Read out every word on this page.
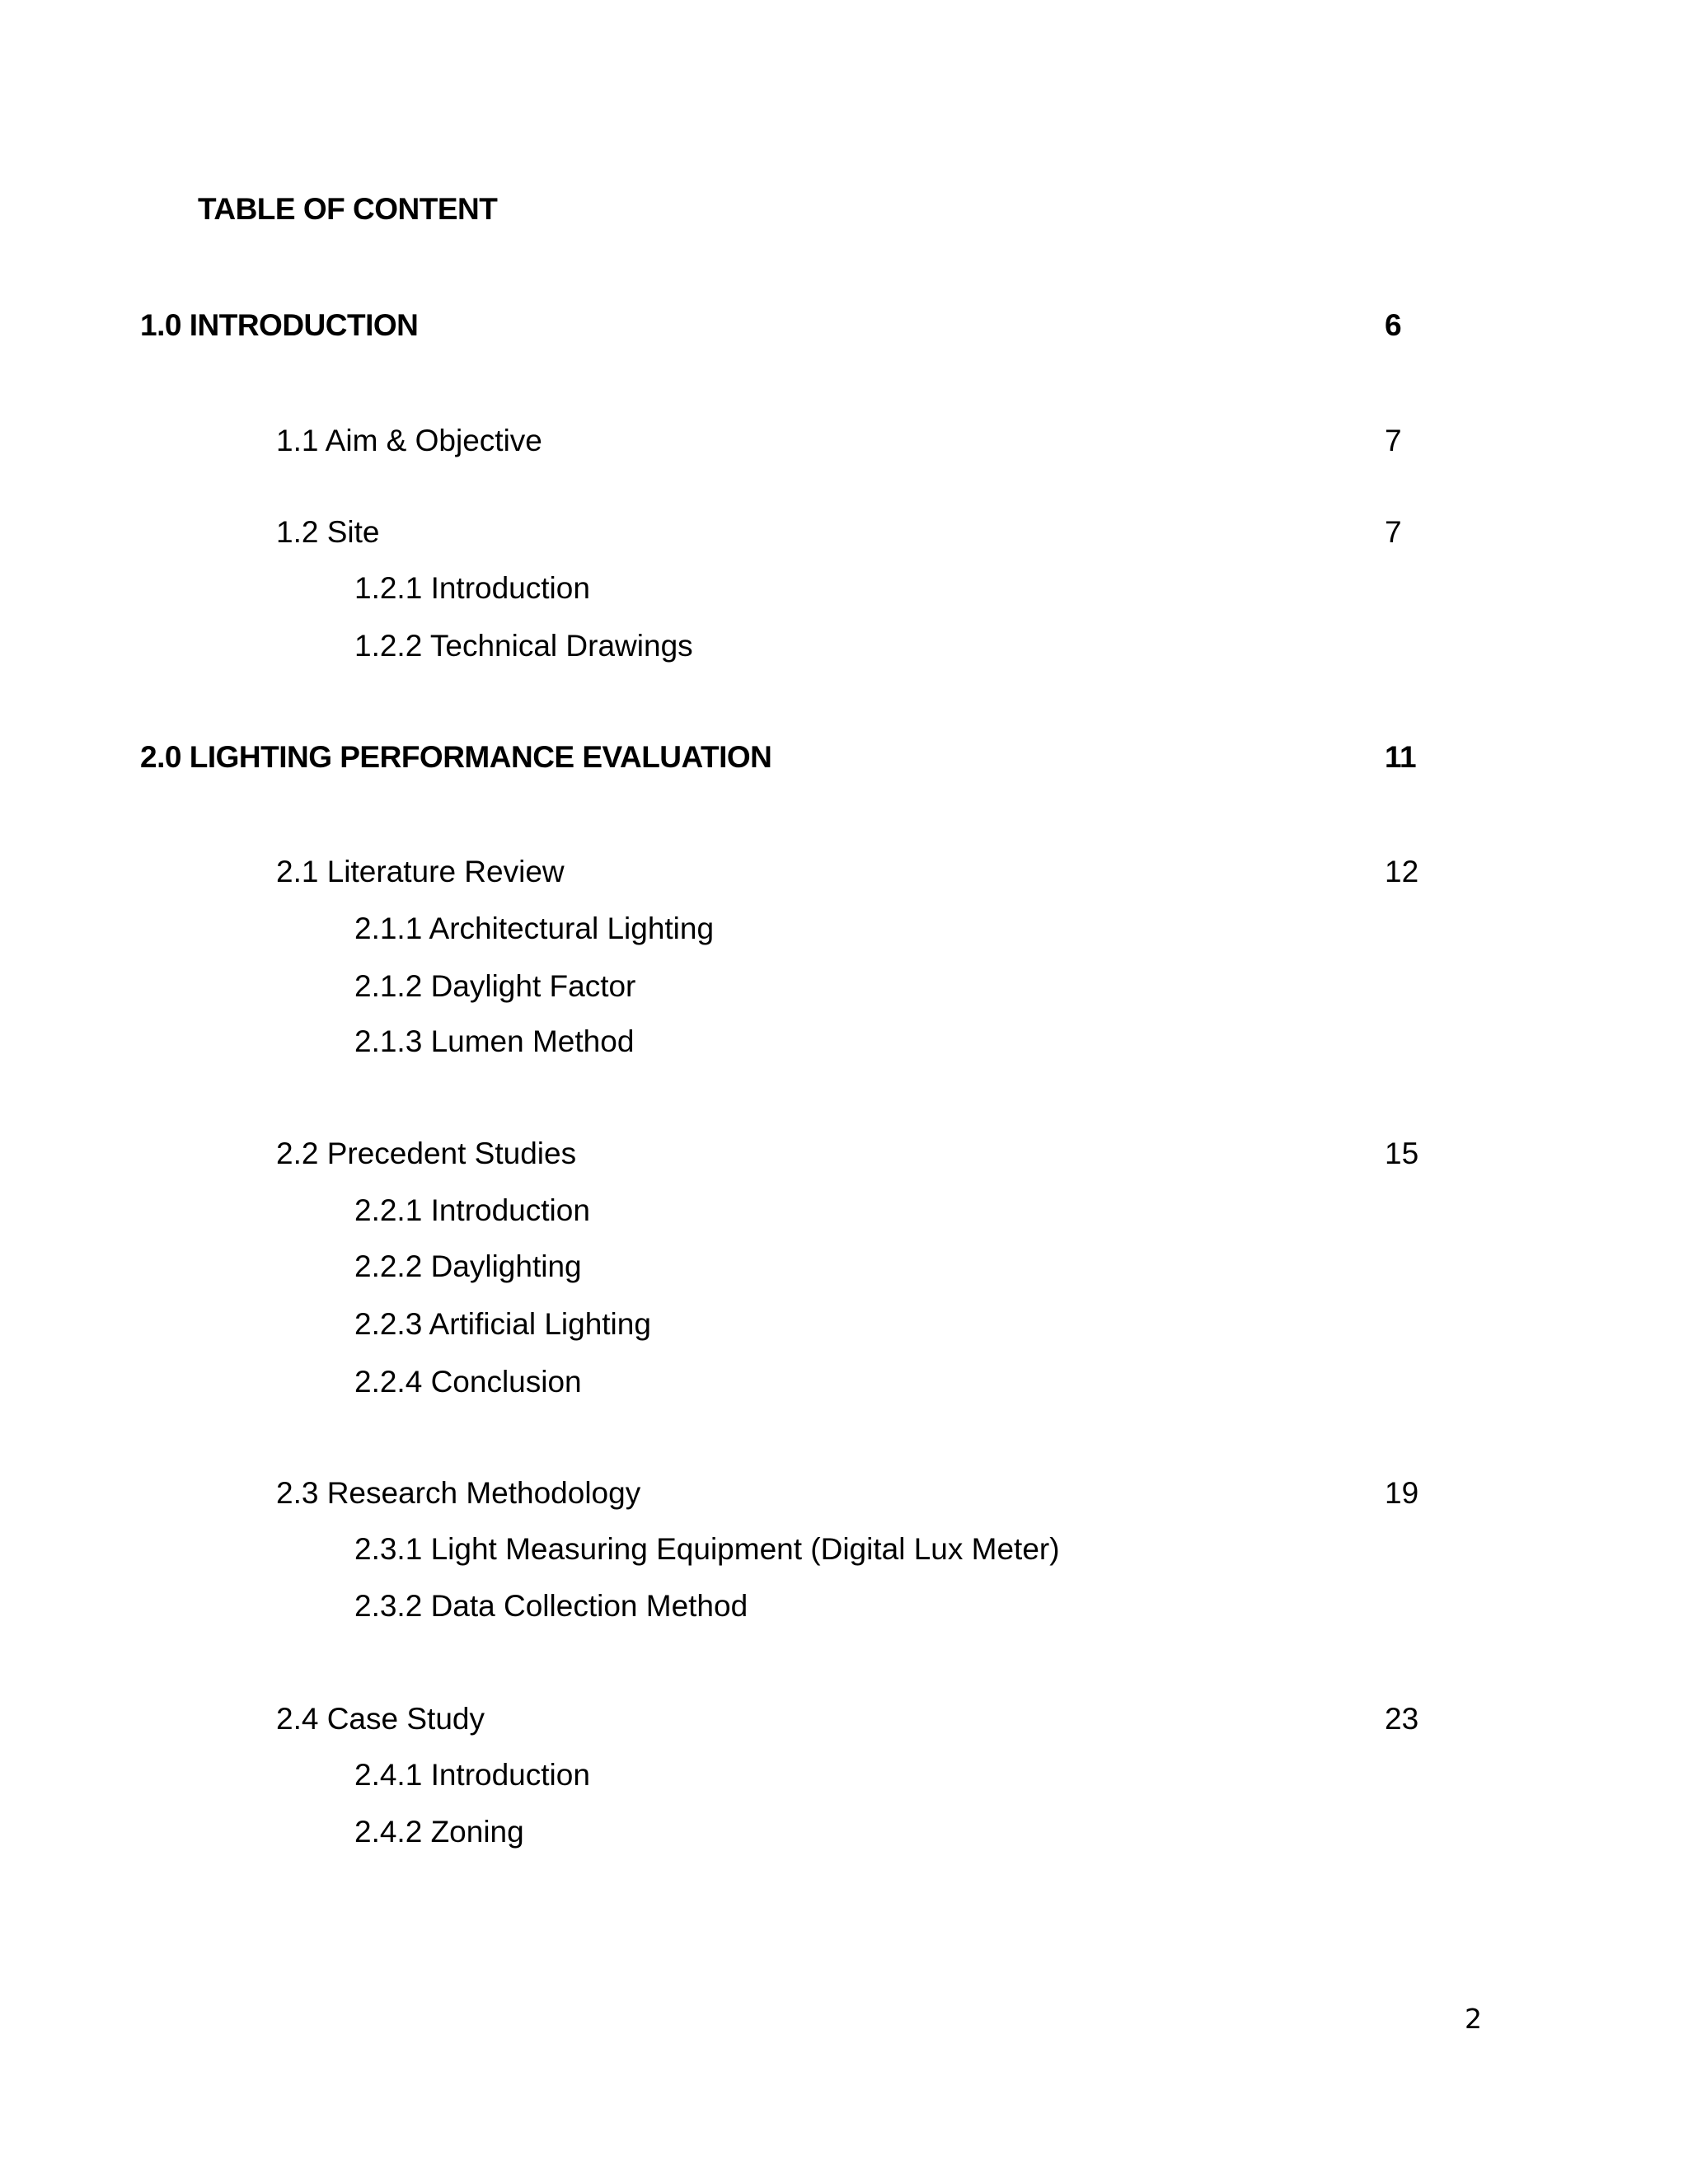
TABLE OF CONTENT
1.0 INTRODUCTION	6
1.1 Aim & Objective	7
1.2 Site	7
1.2.1 Introduction
1.2.2 Technical Drawings
2.0 LIGHTING PERFORMANCE EVALUATION	11
2.1 Literature Review	12
2.1.1 Architectural Lighting
2.1.2 Daylight Factor
2.1.3 Lumen Method
2.2 Precedent Studies	15
2.2.1 Introduction
2.2.2 Daylighting
2.2.3 Artificial Lighting
2.2.4 Conclusion
2.3 Research Methodology	19
2.3.1 Light Measuring Equipment (Digital Lux Meter)
2.3.2 Data Collection Method
2.4 Case Study	23
2.4.1 Introduction
2.4.2 Zoning
2
